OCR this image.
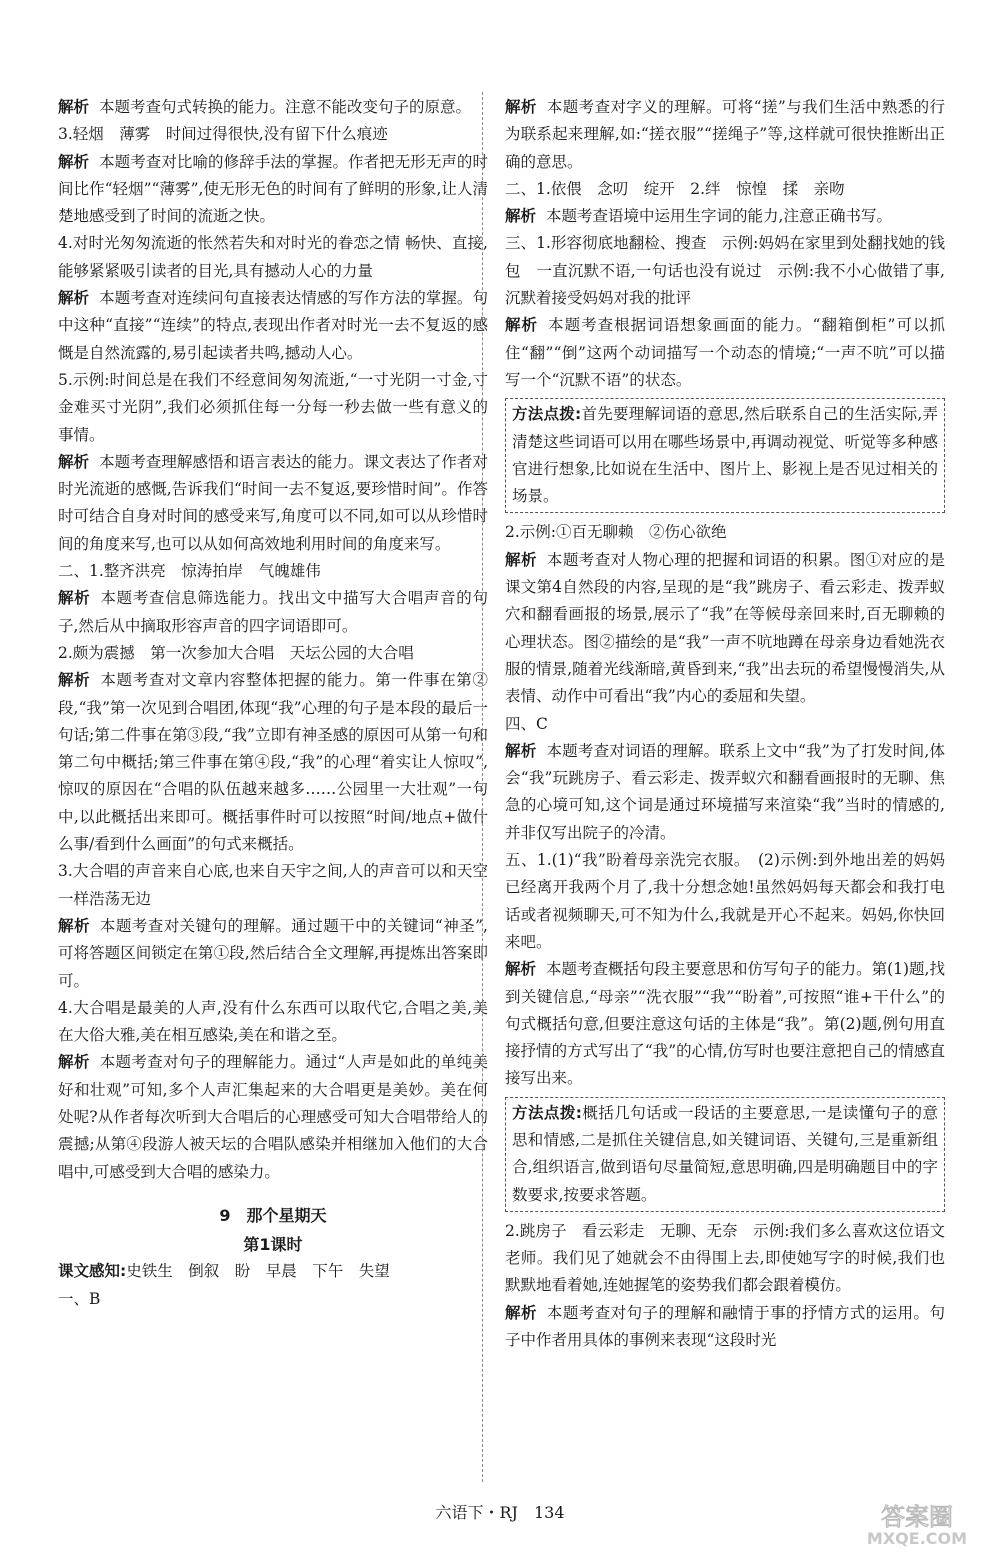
解析 本题考查句式转换的能力。注意不能改变句子的原意。

3.轻烟　薄雾　时间过得很快,没有留下什么痕迹

解析 本题考查对比喻的修辞手法的掌握。作者把无形无声的时间比作“轻烟”“薄雾”,使无形无色的时间有了鲜明的形象,让人清楚地感受到了时间的流逝之快。

4.对时光匆匆流逝的怅然若失和对时光的眷恋之情 畅快、直接,能够紧紧吸引读者的目光,具有撼动人心的力量

解析 本题考查对连续问句直接表达情感的写作方法的掌握。句中这种“直接”“连续”的特点,表现出作者对时光一去不复返的感慨是自然流露的,易引起读者共鸣,撼动人心。

5.示例:时间总是在我们不经意间匆匆流逝,“一寸光阴一寸金,寸金难买寸光阴”,我们必须抓住每一分每一秒去做一些有意义的事情。

解析 本题考查理解感悟和语言表达的能力。课文表达了作者对时光流逝的感慨,告诉我们“时间一去不复返,要珍惜时间”。作答时可结合自身对时间的感受来写,角度可以不同,如可以从珍惜时间的角度来写,也可以从如何高效地利用时间的角度来写。

二、1.整齐洪亮　惊涛拍岸　气魄雄伟

解析 本题考查信息筛选能力。找出文中描写大合唱声音的句子,然后从中摘取形容声音的四字词语即可。

2.颇为震撼　第一次参加大合唱　天坛公园的大合唱

解析 本题考查对文章内容整体把握的能力。第一件事在第②段,“我”第一次见到合唱团,体现“我”心理的句子是本段的最后一句话;第二件事在第③段,“我”立即有神圣感的原因可从第一句和第二句中概括;第三件事在第④段,“我”的心理“着实让人惊叹”,惊叹的原因在“合唱的队伍越来越多……公园里一大壮观”一句中,以此概括出来即可。概括事件时可以按照“时间/地点+做什么事/看到什么画面”的句式来概括。

3.大合唱的声音来自心底,也来自天宇之间,人的声音可以和天空一样浩荡无边

解析 本题考查对关键句的理解。通过题干中的关键词“神圣”,可将答题区间锁定在第①段,然后结合全文理解,再提炼出答案即可。

4.大合唱是最美的人声,没有什么东西可以取代它,合唱之美,美在大俗大雅,美在相互感染,美在和谐之至。

解析 本题考查对句子的理解能力。通过“人声是如此的单纯美好和壮观”可知,多个人声汇集起来的大合唱更是美妙。美在何处呢?从作者每次听到大合唱后的心理感受可知大合唱带给人的震撼;从第④段游人被天坛的合唱队感染并相继加入他们的大合唱中,可感受到大合唱的感染力。

9　那个星期天

第1课时

课文感知:史铁生　倒叙　盼　早晨　下午　失望

一、B

解析 本题考查对字义的理解。可将“搓”与我们生活中熟悉的行为联系起来理解,如:“搓衣服”“搓绳子”等,这样就可很快推断出正确的意思。

二、1.依偎　念叨　绽开　2.绊　惊惶　揉　亲吻

解析 本题考查语境中运用生字词的能力,注意正确书写。

三、1.形容彻底地翻检、搜查　示例:妈妈在家里到处翻找她的钱包　一直沉默不语,一句话也没有说过　示例:我不小心做错了事,沉默着接受妈妈对我的批评

解析 本题考查根据词语想象画面的能力。“翻箱倒柜”可以抓住“翻”“倒”这两个动词描写一个动态的情境;“一声不吭”可以描写一个“沉默不语”的状态。

方法点拨:首先要理解词语的意思,然后联系自己的生活实际,弄清楚这些词语可以用在哪些场景中,再调动视觉、听觉等多种感官进行想象,比如说在生活中、图片上、影视上是否见过相关的场景。

2.示例:①百无聊赖　②伤心欲绝

解析 本题考查对人物心理的把握和词语的积累。图①对应的是课文第4自然段的内容,呈现的是“我”跳房子、看云彩走、拨弄蚁穴和翻看画报的场景,展示了“我”在等候母亲回来时,百无聊赖的心理状态。图②描绘的是“我”一声不吭地蹲在母亲身边看她洗衣服的情景,随着光线渐暗,黄昏到来,“我”出去玩的希望慢慢消失,从表情、动作中可看出“我”内心的委屈和失望。

四、C

解析 本题考查对词语的理解。联系上文中“我”为了打发时间,体会“我”玩跳房子、看云彩走、拨弄蚁穴和翻看画报时的无聊、焦急的心境可知,这个词是通过环境描写来渲染“我”当时的情感的,并非仅写出院子的冷清。

五、1.(1)“我”盼着母亲洗完衣服。　(2)示例:到外地出差的妈妈已经离开我两个月了,我十分想念她!虽然妈妈每天都会和我打电话或者视频聊天,可不知为什么,我就是开心不起来。妈妈,你快回来吧。

解析 本题考查概括句段主要意思和仿写句子的能力。第(1)题,找到关键信息,“母亲”“洗衣服”“我”“盼着”,可按照“谁+干什么”的句式概括句意,但要注意这句话的主体是“我”。第(2)题,例句用直接抒情的方式写出了“我”的心情,仿写时也要注意把自己的情感直接写出来。

方法点拨:概括几句话或一段话的主要意思,一是读懂句子的意思和情感,二是抓住关键信息,如关键词语、关键句,三是重新组合,组织语言,做到语句尽量简短,意思明确,四是明确题目中的字数要求,按要求答题。

2.跳房子　看云彩走　无聊、无奈　示例:我们多么喜欢这位语文老师。我们见了她就会不由得围上去,即使她写字的时候,我们也默默地看着她,连她握笔的姿势我们都会跟着模仿。

解析 本题考查对句子的理解和融情于事的抒情方式的运用。句子中作者用具体的事例来表现“这段时光

六语下・RJ 134	答案圈
MXQE.COM
